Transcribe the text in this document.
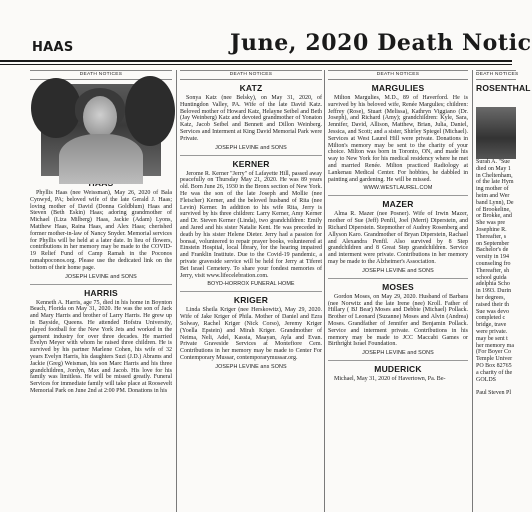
HAAS	June, 2020 Death Notic
DEATH NOTICES

Phyllis Haas (nee Weissman), May 26, 2020 of Bala Cynwyd, PA; beloved wife of the late Gerald J. Haas; loving mother of David (Donna Goldblum) Haas and Steven (Beth Eskin) Haas; adoring grandmother of Michael (Liza Milberg) Haas, Jackie (Adam) Lyons, Matthew Haas, Raina Haas, and Alex Haas; cherished former mother-in-law of Nancy Snyder. Memorial services for Phyllis will be held at a later date. In lieu of flowers, contributions in her memory may be made to the COVID-19 Relief Fund of Camp Ramah in the Poconos ramahpoconos.org. Please use the dedicated link on the bottom of their home page.

JOSEPH LEVINE and SONS
HARRIS

Kenneth A. Harris, age 75, died in his home in Boynton Beach, Florida on May 31, 2020. He was the son of Jack and Mary Harris and brother of Larry Harris. He grew up in Bayside, Queens. He attended Hofstra University, played football for the New York Jets and worked in the garment industry for over three decades. He married Evelyn Meyer with whom he raised three children. He is survived by his partner Marlene Cohen, his wife of 32 years Evelyn Harris, his daughters Suzi (J.D.) Abrams and Jackie (Greg) Weisman, his son Marc Harris and his three grandchildren, Jordyn, Max and Jacob. His love for his family was limitless. He will be missed greatly. Funeral Services for immediate family will take place at Roosevelt Memorial Park on June 2nd at 2:00 PM. Donations in his

DEATH NOTICES
KATZ

Sonya Katz (nee Belsky), on May 31, 2020, of Huntingdon Valley, PA. Wife of the late David Katz. Beloved mother of Howard Katz, Helayne Seibel and Beth (Jay Weinberg) Katz and devoted grandmother of Yonaton Katz, Jacob Seibel and Bennett and Dillon Weinberg. Services and Interment at King David Memorial Park were Private.

JOSEPH LEVINE and SONS
KERNER

Jerome R. Kerner "Jerry" of Lafayette Hill, passed away peacefully on Thursday May 21, 2020. He was 89 years old. Born June 26, 1930 in the Bronx section of New York. He was the son of the late Joseph and Mollie (nee Fleischer) Kerner, and the beloved husband of Rita (nee Levin) Kerner. In addition to his wife Rita, Jerry is survived by his three children: Larry Kerner, Amy Kerner and Dr. Steven Kerner (Linda), two grandchildren: Emily and Jared and his sister Natalie Kent. He was preceded in death by his sister Helene Dieter. Jerry had a passion for bonsai, volunteered to repair prayer books, volunteered at Einstein Hospital, local library, for the hearing impaired and Franklin Institute. Due to the Covid-19 pandemic, a private graveside service will be held for Jerry at Tiferet Bet Israel Cemetery. To share your fondest memories of Jerry, visit www.lifecelebration.com.

BOYD-HORROX FUNERAL HOME
KRIGER

Linda Sheila Kriger (nee Herskowitz), May 29, 2020. Wife of Jake Kriger of Phila. Mother of Daniel and Ezra Solway, Rachel Kriger (Nick Corso), Jeremy Kriger (Yoella Epstein) and Mirah Kriger. Grandmother of Neima, Neli, Adel, Kassia, Maayan, Ayla and Evan. Private Graveside Services at Montefiore Cem. Contributions in her memory may be made to Center For Contemporary Mussar, contemporarymussar.org.

JOSEPH LEVINE ans SONS
DEATH NOTICES
MARGULIES

Milton Margulies, M.D., 89 of Haverford. He is survived by his beloved wife, Renée Margulies; children: Jeffrey (Rose), Stuart (Melissa), Kathryn Viggiano (Dr. Joseph), and Richard (Amy); grandchildren: Kyle, Sara, Jennifer, David, Allison, Matthew, Brian, Julia, Daniel, Jessica, and Scott; and a sister, Shirley Spiegel (Michael). Services at West Laurel Hill were private. Donations in Milton's memory may be sent to the charity of your choice. Milton was born in Toronto, ON, and made his way to New York for his medical residency where he met and married Renée. Milton practiced Radiology at Lankenau Medical Center. For hobbies, he dabbled in painting and gardening. He will be missed.

WWW.WESTLAUREL.COM
MAZER

Alma R. Mazer (nee Posner). Wife of Irwin Mazer, mother of Sue (Jeff) Penfil, Joel (Merri) Diperstein, and Richard Diperstein. Stepmother of Audrey Rosenberg and Allyson Karo. Grandmother of Bryan Diperstein, Rachael and Alexandra Penfil. Also survived by 8 Step grandchildren and 8 Great Step grandchildren. Service and interment were private. Contributions in her memory may be made to the Alzheimer's Association.

JOSEPH LEVINE and SONS
MOSES

Gordon Moses, on May 29, 2020. Husband of Barbara (nee Norwitz and the late Irene (nee) Kroll. Father of Hillary ( BJ Bear) Moses and Debbie (Michael) Pollack. Brother of Leonard (Suzanne) Moses and Alvin (Andrea) Moses. Grandfather of Jennifer and Benjamin Pollack. Service and interment private. Contributions in his memory may be made to JCC Maccabi Games or Birthright Israel Foundation.

JOSEPH LEVINE and SONS
MUDERICK

Michael, May 31, 2020 of Havertown, Pa. Be-

DEATH NOTICES
ROSENTHAL

Surah A. "Sue

died on May 1

in Cheltenham,

of the late Hym

ing mother of

heim and Wer

band Lynn), De

of Brookeline,

or Brokke, and

She was pre

Josephine R.

Thereafter, s

on September

Bachelor's de

versity in 194

counseling fro

Thereafter, sh

school guida

adelphia Scho

in 1993. Durin

her degrees,

raised their th

Sue was devo

completed c

bridge, trave

were private.

may be sent t

her memory ma

(For Boyer Co

Temple Univer

PO Box 82765

a charity of the

GOLDS

Paul Steven Pl
